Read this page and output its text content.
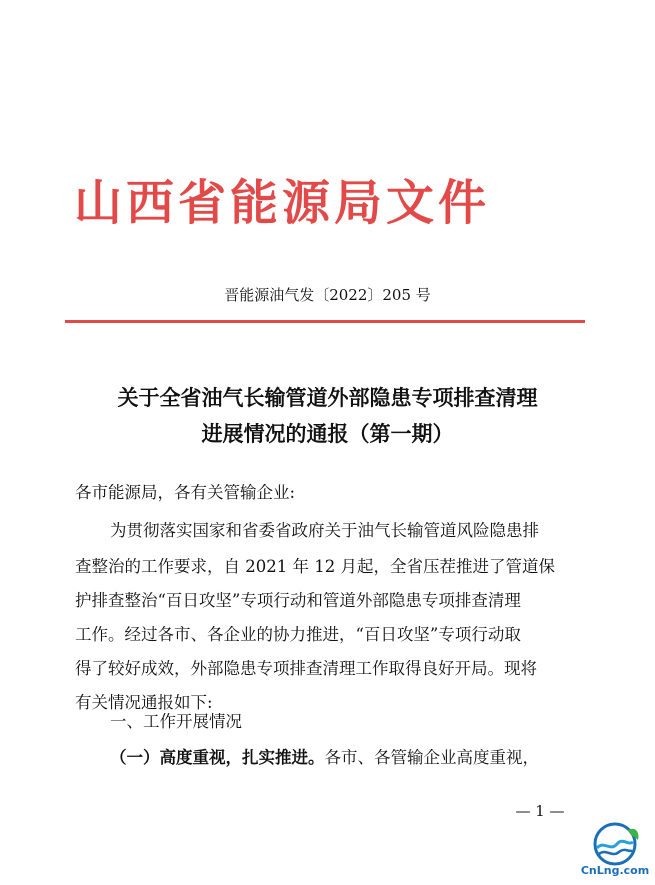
山西省能源局文件
晋能源油气发〔2022〕205 号
关于全省油气长输管道外部隐患专项排查清理
进展情况的通报（第一期）
各市能源局，各有关管输企业:
为贯彻落实国家和省委省政府关于油气长输管道风险隐患排
查整治的工作要求，自 2021 年 12 月起，全省压茬推进了管道保
护排查整治“百日攻坚”专项行动和管道外部隐患专项排查清理
工作。经过各市、各企业的协力推进，“百日攻坚”专项行动取
得了较好成效，外部隐患专项排查清理工作取得良好开局。现将
有关情况通报如下:
一、工作开展情况
（一）高度重视，扎实推进。各市、各管输企业高度重视，
— 1 —
CnLng.com
